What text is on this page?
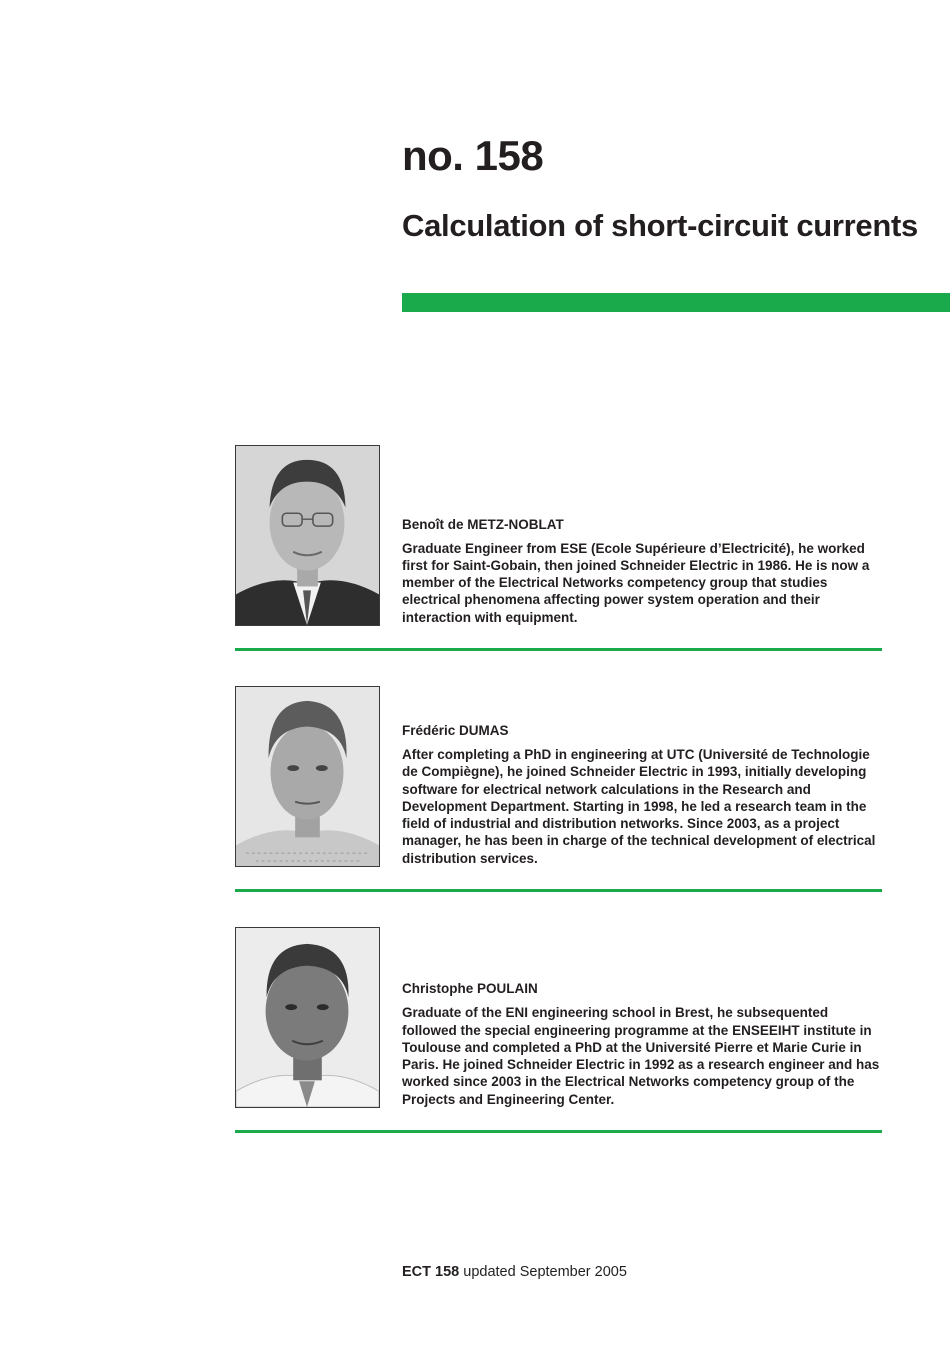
no. 158
Calculation of short-circuit currents

Benoît de METZ-NOBLAT

Graduate Engineer from ESE (Ecole Supérieure d’Electricité), he worked first for Saint-Gobain, then joined Schneider Electric in 1986. He is now a member of the Electrical Networks competency group that studies electrical phenomena affecting power system operation and their interaction with equipment.

Frédéric DUMAS

After completing a PhD in engineering at UTC (Université de Technologie de Compiègne), he joined Schneider Electric in 1993, initially developing software for electrical network calculations in the Research and Development Department. Starting in 1998, he led a research team in the field of industrial and distribution networks. Since 2003, as a project manager, he has been in charge of the technical development of electrical distribution services.

Christophe POULAIN

Graduate of the ENI engineering school in Brest, he subsequented followed the special engineering programme at the ENSEEIHT institute in Toulouse and completed a PhD at the Université Pierre et Marie Curie in Paris. He joined Schneider Electric in 1992 as a research engineer and has worked since 2003 in the Electrical Networks competency group of the Projects and Engineering Center.

ECT 158 updated September 2005
